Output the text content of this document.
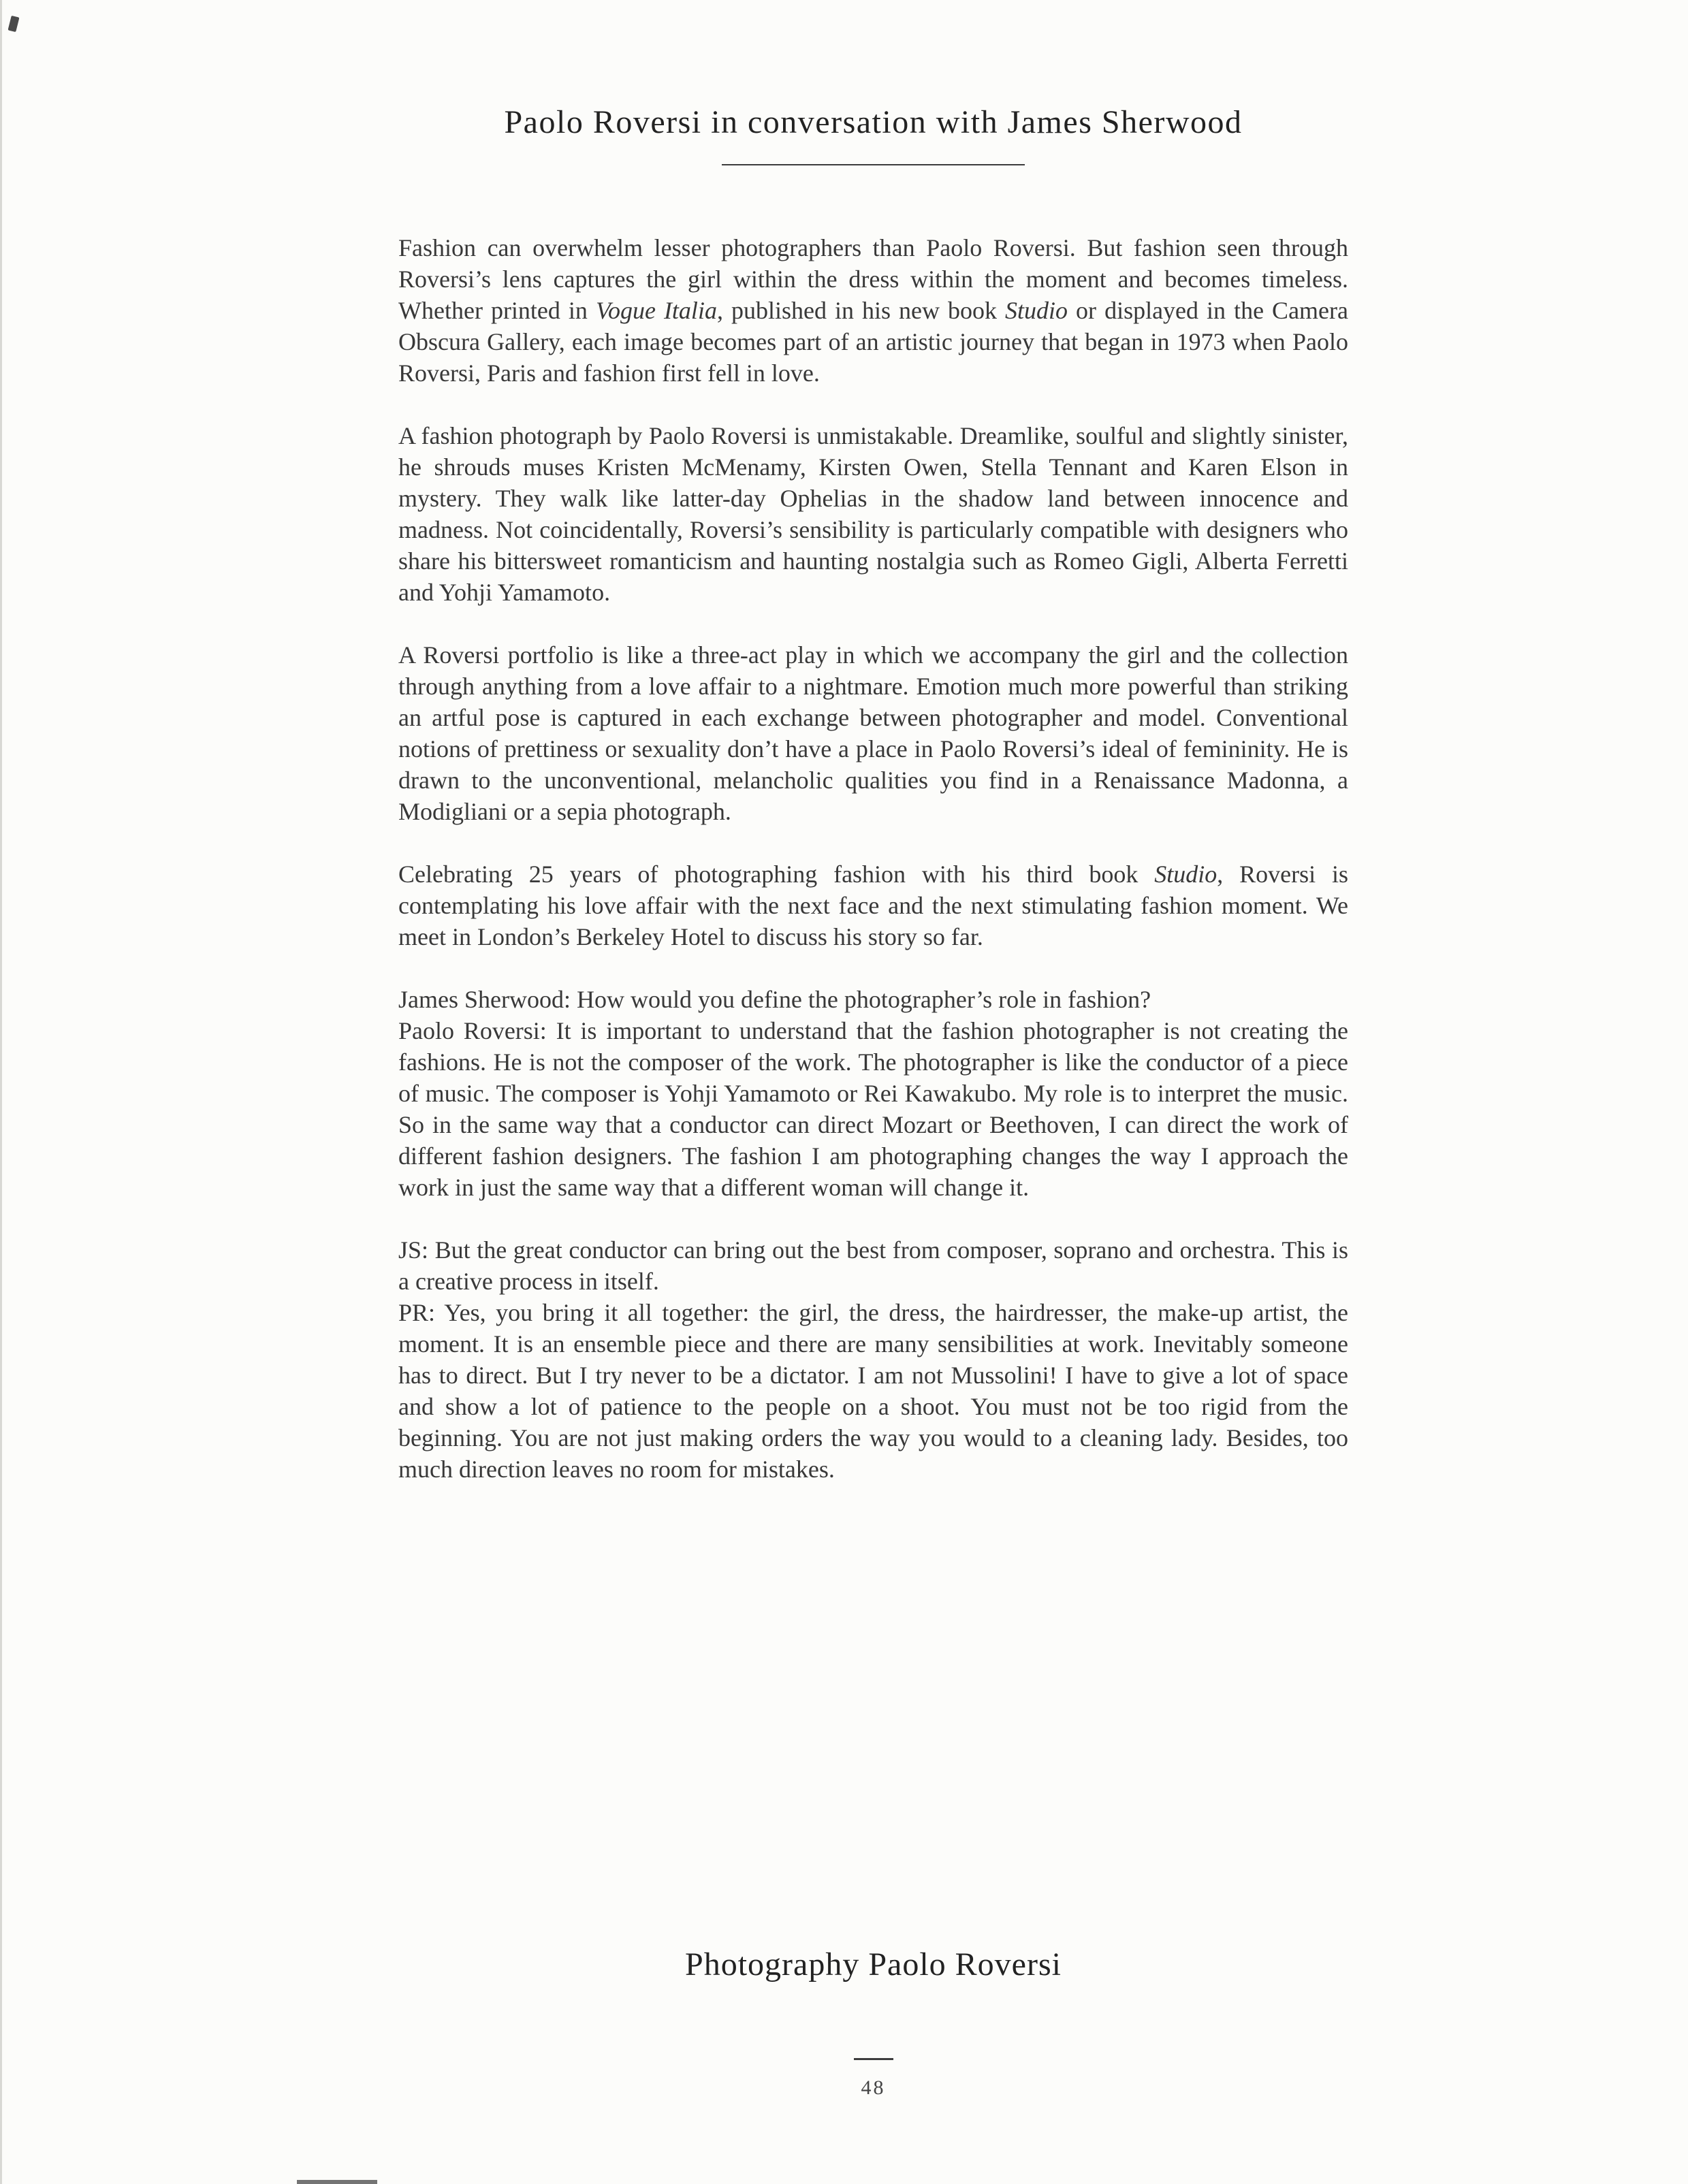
Paolo Roversi in conversation with James Sherwood

Fashion can overwhelm lesser photographers than Paolo Roversi. But fashion seen through Roversi’s lens captures the girl within the dress within the moment and becomes timeless. Whether printed in Vogue Italia, published in his new book Studio or displayed in the Camera Obscura Gallery, each image becomes part of an artistic journey that began in 1973 when Paolo Roversi, Paris and fashion first fell in love.

A fashion photograph by Paolo Roversi is unmistakable. Dreamlike, soulful and slightly sinister, he shrouds muses Kristen McMenamy, Kirsten Owen, Stella Tennant and Karen Elson in mystery. They walk like latter-day Ophelias in the shadow land between innocence and madness. Not coincidentally, Roversi’s sensibility is particularly compatible with designers who share his bittersweet romanticism and haunting nostalgia such as Romeo Gigli, Alberta Ferretti and Yohji Yamamoto.

A Roversi portfolio is like a three-act play in which we accompany the girl and the collection through anything from a love affair to a nightmare. Emotion much more powerful than striking an artful pose is captured in each exchange between photographer and model. Conventional notions of prettiness or sexuality don’t have a place in Paolo Roversi’s ideal of femininity. He is drawn to the unconventional, melancholic qualities you find in a Renaissance Madonna, a Modigliani or a sepia photograph.

Celebrating 25 years of photographing fashion with his third book Studio, Roversi is contemplating his love affair with the next face and the next stimulating fashion moment. We meet in London’s Berkeley Hotel to discuss his story so far.

James Sherwood: How would you define the photographer’s role in fashion?
Paolo Roversi: It is important to understand that the fashion photographer is not creating the fashions. He is not the composer of the work. The photographer is like the conductor of a piece of music. The composer is Yohji Yamamoto or Rei Kawakubo. My role is to interpret the music. So in the same way that a conductor can direct Mozart or Beethoven, I can direct the work of different fashion designers. The fashion I am photographing changes the way I approach the work in just the same way that a different woman will change it.

JS: But the great conductor can bring out the best from composer, soprano and orchestra. This is a creative process in itself.
PR: Yes, you bring it all together: the girl, the dress, the hairdresser, the make-up artist, the moment. It is an ensemble piece and there are many sensibilities at work. Inevitably someone has to direct. But I try never to be a dictator. I am not Mussolini! I have to give a lot of space and show a lot of patience to the people on a shoot. You must not be too rigid from the beginning. You are not just making orders the way you would to a cleaning lady. Besides, too much direction leaves no room for mistakes.

Photography Paolo Roversi
48
